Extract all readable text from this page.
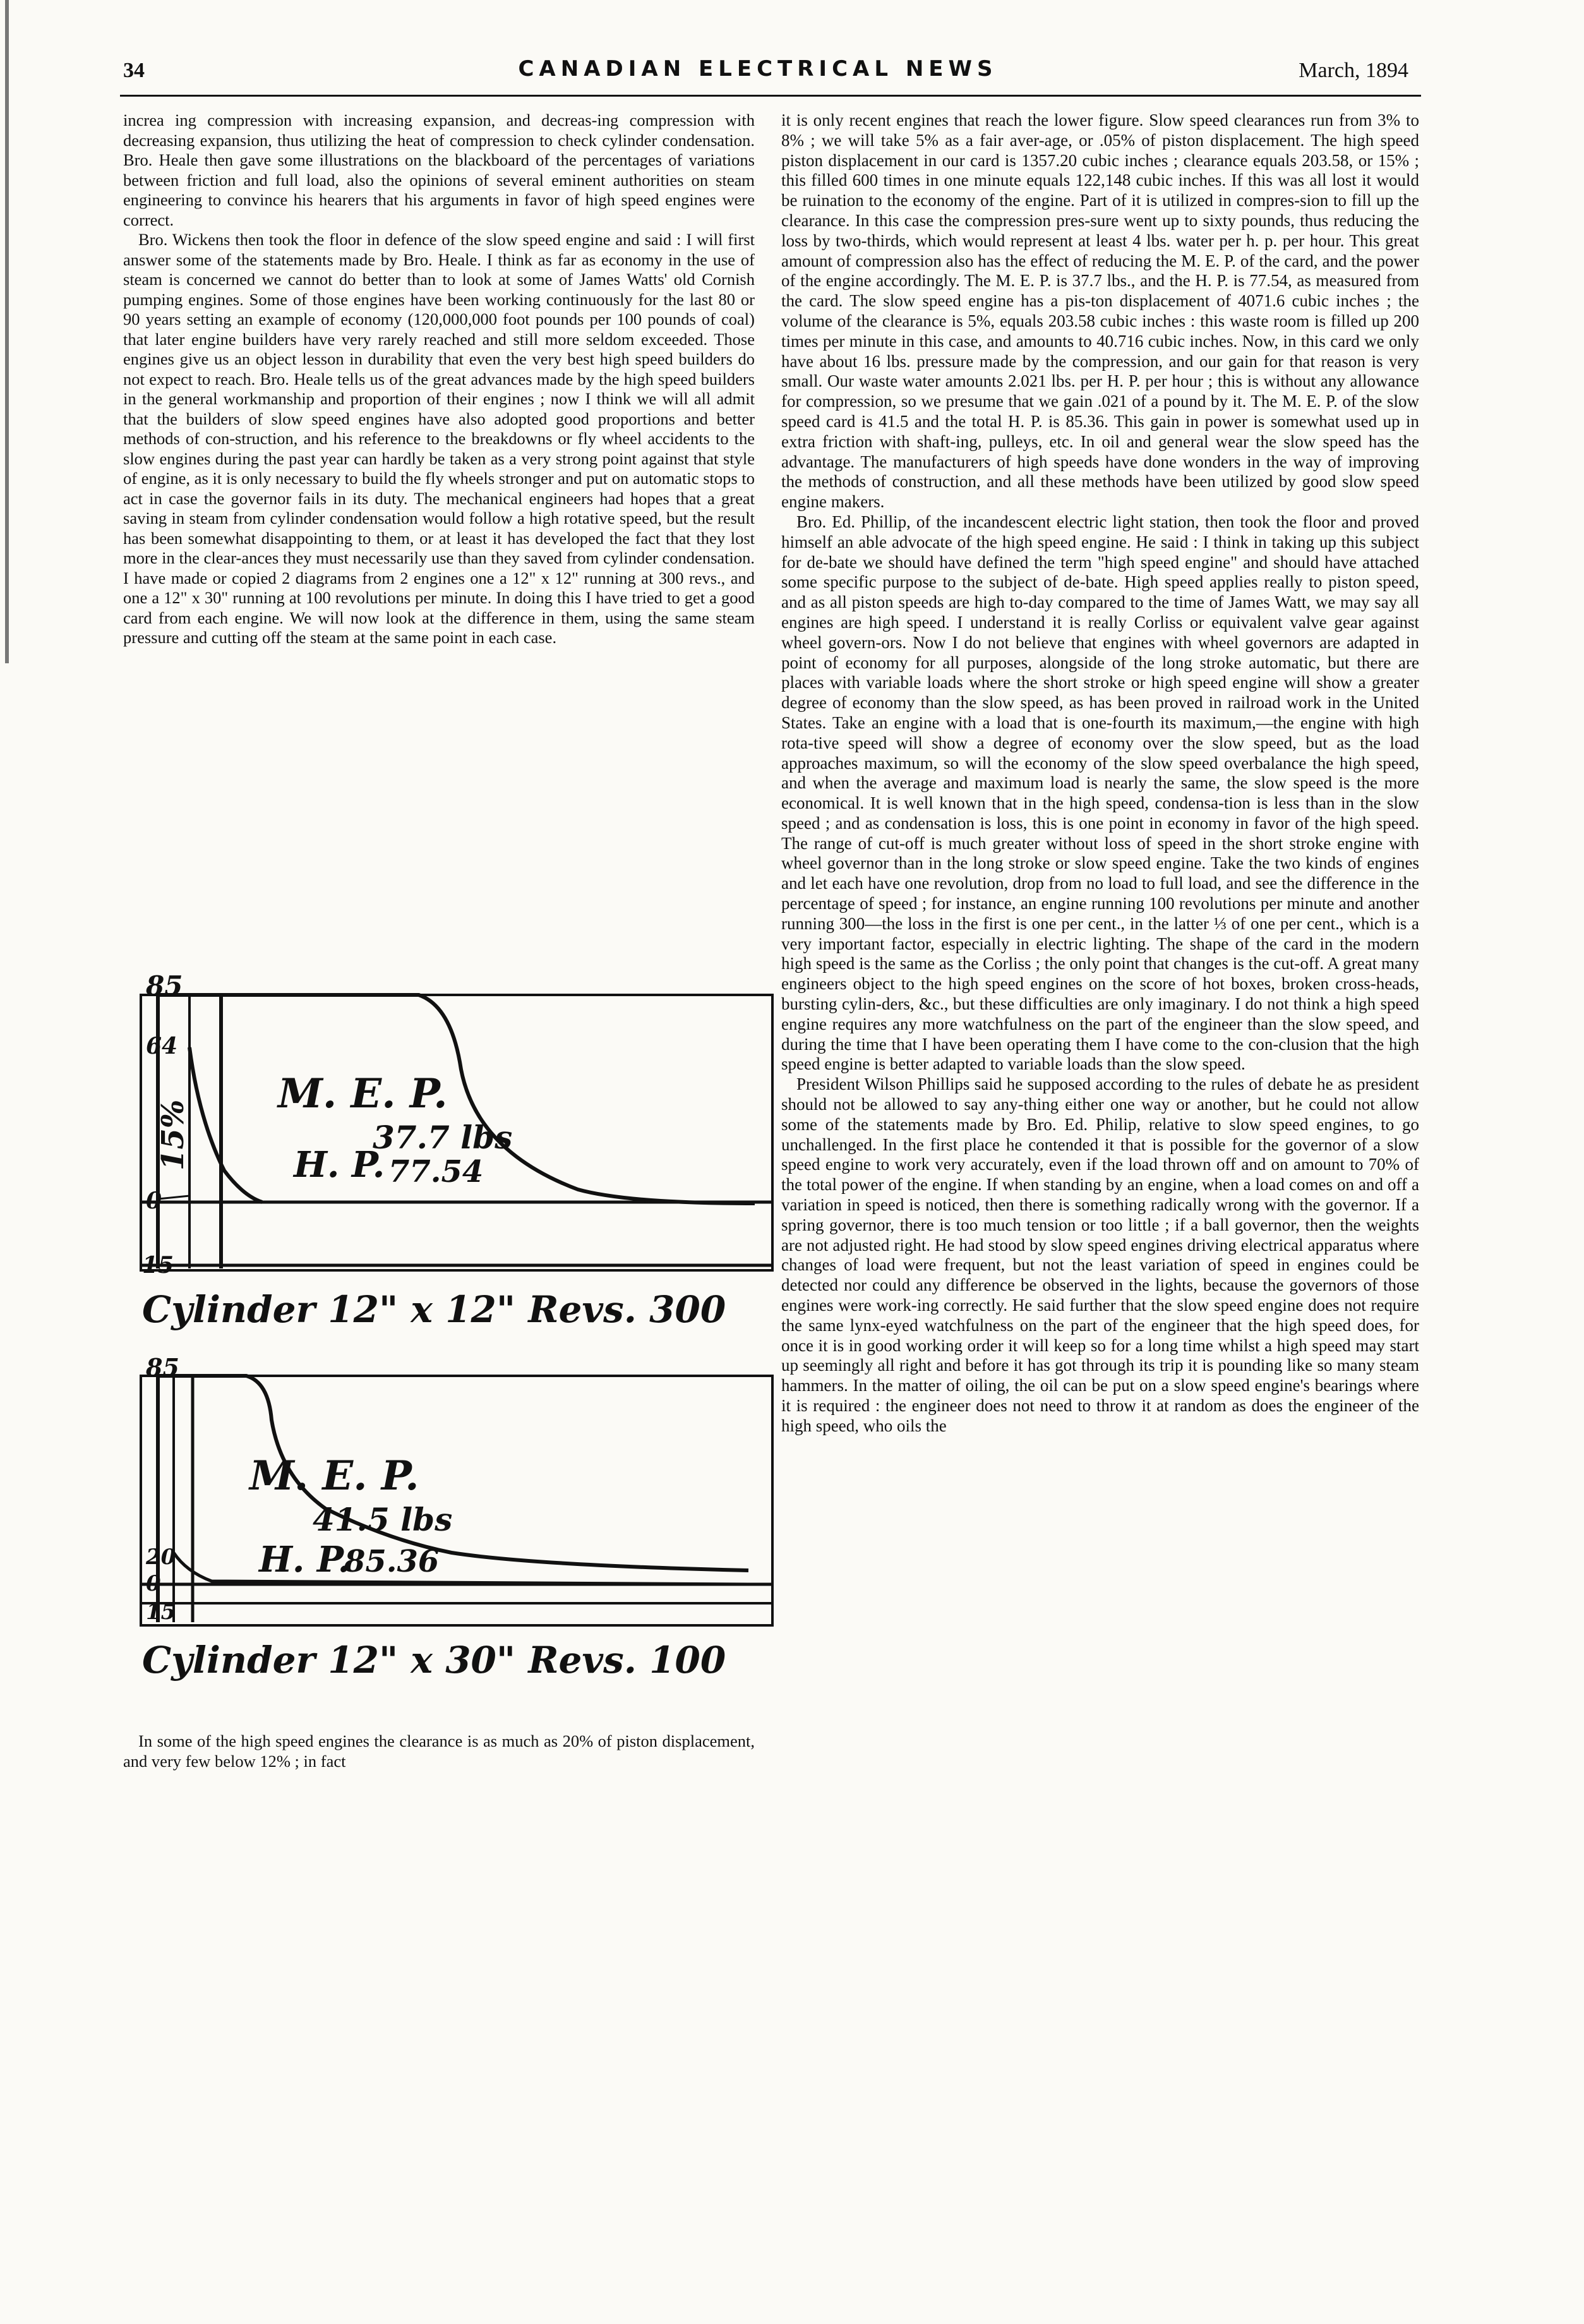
34	CANADIAN ELECTRICAL NEWS	March, 1894

increa ing compression with increasing expansion, and decreas-ing compression with decreasing expansion, thus utilizing the heat of compression to check cylinder condensation. Bro. Heale then gave some illustrations on the blackboard of the percentages of variations between friction and full load, also the opinions of several eminent authorities on steam engineering to convince his hearers that his arguments in favor of high speed engines were correct.

Bro. Wickens then took the floor in defence of the slow speed engine and said : I will first answer some of the statements made by Bro. Heale. I think as far as economy in the use of steam is concerned we cannot do better than to look at some of James Watts' old Cornish pumping engines. Some of those engines have been working continuously for the last 80 or 90 years setting an example of economy (120,000,000 foot pounds per 100 pounds of coal) that later engine builders have very rarely reached and still more seldom exceeded. Those engines give us an object lesson in durability that even the very best high speed builders do not expect to reach. Bro. Heale tells us of the great advances made by the high speed builders in the general workmanship and proportion of their engines ; now I think we will all admit that the builders of slow speed engines have also adopted good proportions and better methods of con-struction, and his reference to the breakdowns or fly wheel accidents to the slow engines during the past year can hardly be taken as a very strong point against that style of engine, as it is only necessary to build the fly wheels stronger and put on automatic stops to act in case the governor fails in its duty. The mechanical engineers had hopes that a great saving in steam from cylinder condensation would follow a high rotative speed, but the result has been somewhat disappointing to them, or at least it has developed the fact that they lost more in the clear-ances they must necessarily use than they saved from cylinder condensation. I have made or copied 2 diagrams from 2 engines one a 12" x 12" running at 300 revs., and one a 12" x 30" running at 100 revolutions per minute. In doing this I have tried to get a good card from each engine. We will now look at the difference in them, using the same steam pressure and cutting off the steam at the same point in each case.

85
64
0
15
15%
M. E. P.
37.7 lbs
H. P. 77.54
Cylinder 12" x 12" Revs. 300
85
20
0
15
M. E. P.
41.5 lbs
H. P.
85.36
Cylinder 12" x 30" Revs. 100

In some of the high speed engines the clearance is as much as 20% of piston displacement, and very few below 12% ; in fact

it is only recent engines that reach the lower figure. Slow speed clearances run from 3% to 8% ; we will take 5% as a fair aver-age, or .05% of piston displacement. The high speed piston displacement in our card is 1357.20 cubic inches ; clearance equals 203.58, or 15% ; this filled 600 times in one minute equals 122,148 cubic inches. If this was all lost it would be ruination to the economy of the engine. Part of it is utilized in compres-sion to fill up the clearance. In this case the compression pres-sure went up to sixty pounds, thus reducing the loss by two-thirds, which would represent at least 4 lbs. water per h. p. per hour. This great amount of compression also has the effect of reducing the M. E. P. of the card, and the power of the engine accordingly. The M. E. P. is 37.7 lbs., and the H. P. is 77.54, as measured from the card. The slow speed engine has a pis-ton displacement of 4071.6 cubic inches ; the volume of the clearance is 5%, equals 203.58 cubic inches : this waste room is filled up 200 times per minute in this case, and amounts to 40.716 cubic inches. Now, in this card we only have about 16 lbs. pressure made by the compression, and our gain for that reason is very small. Our waste water amounts 2.021 lbs. per H. P. per hour ; this is without any allowance for compression, so we presume that we gain .021 of a pound by it. The M. E. P. of the slow speed card is 41.5 and the total H. P. is 85.36. This gain in power is somewhat used up in extra friction with shaft-ing, pulleys, etc. In oil and general wear the slow speed has the advantage. The manufacturers of high speeds have done wonders in the way of improving the methods of construction, and all these methods have been utilized by good slow speed engine makers.

Bro. Ed. Phillip, of the incandescent electric light station, then took the floor and proved himself an able advocate of the high speed engine. He said : I think in taking up this subject for de-bate we should have defined the term "high speed engine" and should have attached some specific purpose to the subject of de-bate. High speed applies really to piston speed, and as all piston speeds are high to-day compared to the time of James Watt, we may say all engines are high speed. I understand it is really Corliss or equivalent valve gear against wheel govern-ors. Now I do not believe that engines with wheel governors are adapted in point of economy for all purposes, alongside of the long stroke automatic, but there are places with variable loads where the short stroke or high speed engine will show a greater degree of economy than the slow speed, as has been proved in railroad work in the United States. Take an engine with a load that is one-fourth its maximum,—the engine with high rota-tive speed will show a degree of economy over the slow speed, but as the load approaches maximum, so will the economy of the slow speed overbalance the high speed, and when the average and maximum load is nearly the same, the slow speed is the more economical. It is well known that in the high speed, condensa-tion is less than in the slow speed ; and as condensation is loss, this is one point in economy in favor of the high speed. The range of cut-off is much greater without loss of speed in the short stroke engine with wheel governor than in the long stroke or slow speed engine. Take the two kinds of engines and let each have one revolution, drop from no load to full load, and see the difference in the percentage of speed ; for instance, an engine running 100 revolutions per minute and another running 300—the loss in the first is one per cent., in the latter ⅓ of one per cent., which is a very important factor, especially in electric lighting. The shape of the card in the modern high speed is the same as the Corliss ; the only point that changes is the cut-off. A great many engineers object to the high speed engines on the score of hot boxes, broken cross-heads, bursting cylin-ders, &c., but these difficulties are only imaginary. I do not think a high speed engine requires any more watchfulness on the part of the engineer than the slow speed, and during the time that I have been operating them I have come to the con-clusion that the high speed engine is better adapted to variable loads than the slow speed.

President Wilson Phillips said he supposed according to the rules of debate he as president should not be allowed to say any-thing either one way or another, but he could not allow some of the statements made by Bro. Ed. Philip, relative to slow speed engines, to go unchallenged. In the first place he contended it that is possible for the governor of a slow speed engine to work very accurately, even if the load thrown off and on amount to 70% of the total power of the engine. If when standing by an engine, when a load comes on and off a variation in speed is noticed, then there is something radically wrong with the governor. If a spring governor, there is too much tension or too little ; if a ball governor, then the weights are not adjusted right. He had stood by slow speed engines driving electrical apparatus where changes of load were frequent, but not the least variation of speed in engines could be detected nor could any difference be observed in the lights, because the governors of those engines were work-ing correctly. He said further that the slow speed engine does not require the same lynx-eyed watchfulness on the part of the engineer that the high speed does, for once it is in good working order it will keep so for a long time whilst a high speed may start up seemingly all right and before it has got through its trip it is pounding like so many steam hammers. In the matter of oiling, the oil can be put on a slow speed engine's bearings where it is required : the engineer does not need to throw it at random as does the engineer of the high speed, who oils the
